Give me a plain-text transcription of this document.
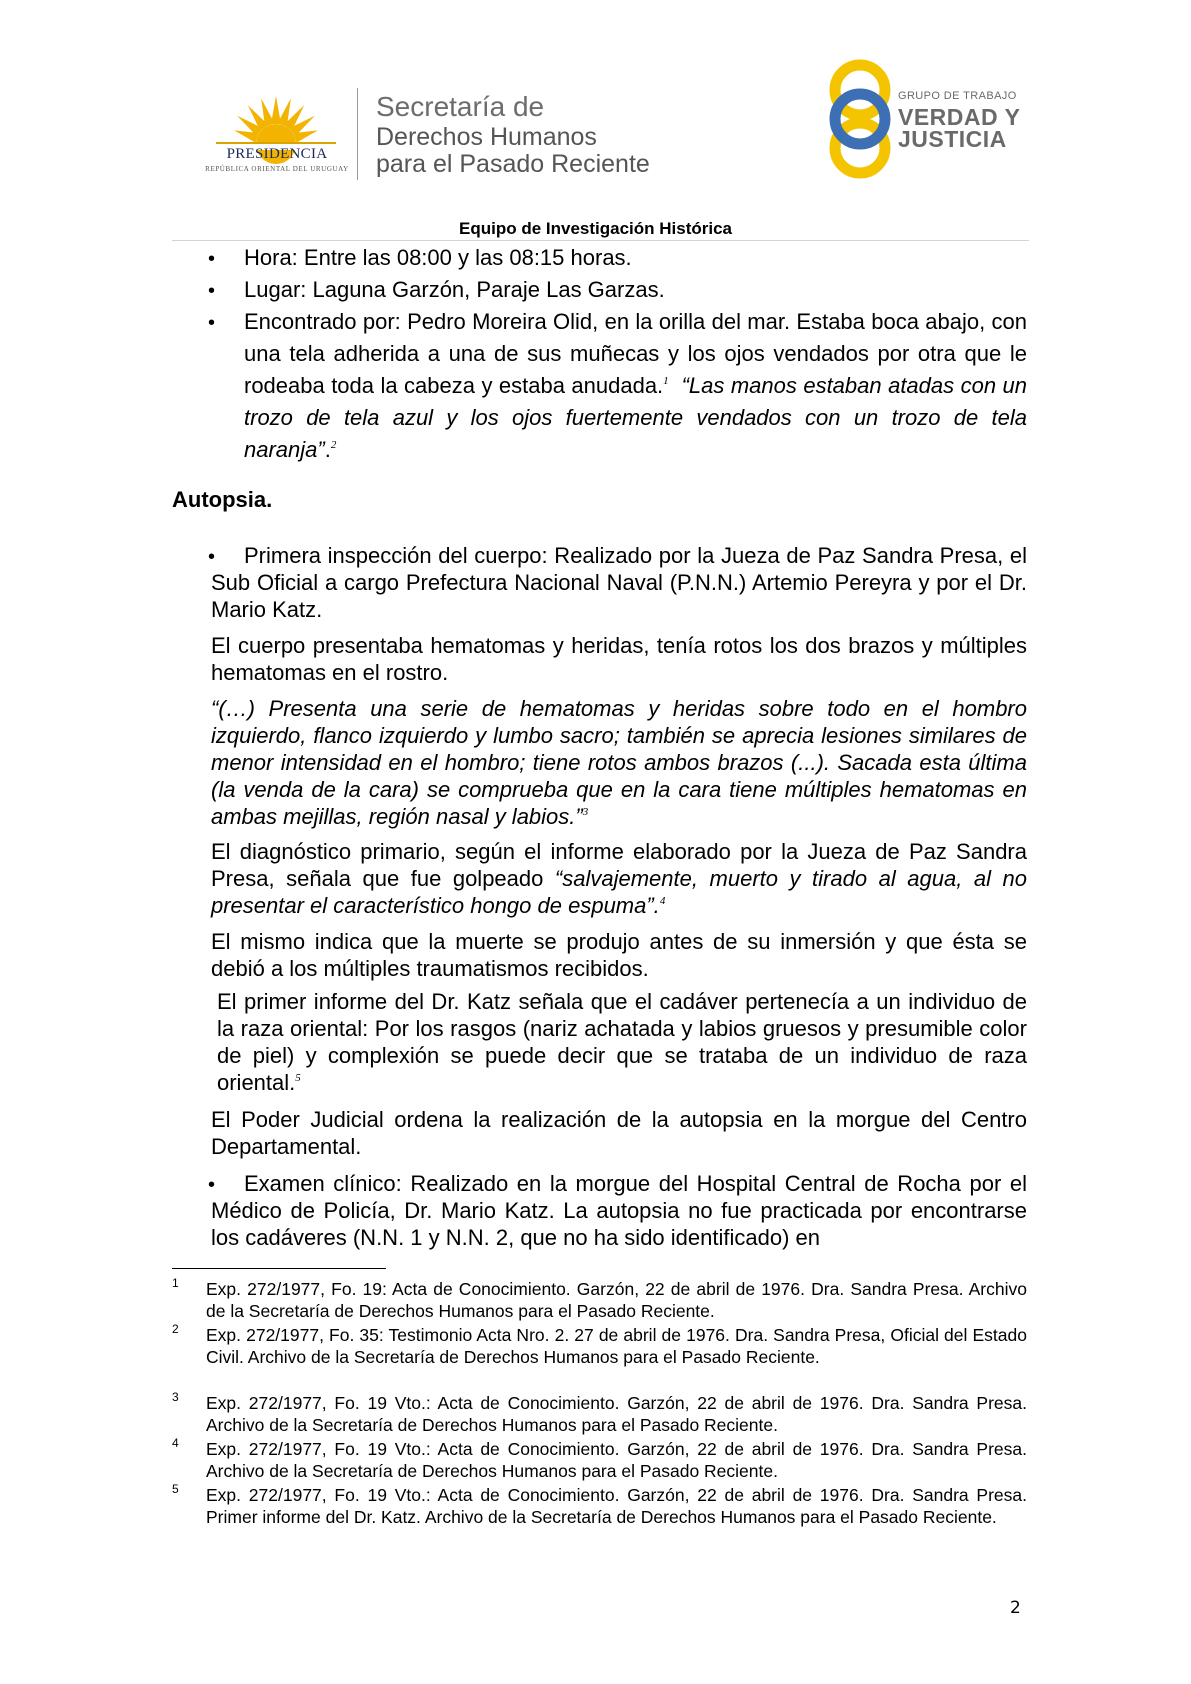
PRESIDENCIA
REPÚBLICA ORIENTAL DEL URUGUAY
Secretaría de
Derechos Humanos
para el Pasado Reciente
GRUPO DE TRABAJO
VERDAD Y
JUSTICIA
Equipo de Investigación Histórica
•
Hora: Entre las 08:00 y las 08:15 horas.
•
Lugar: Laguna Garzón, Paraje Las Garzas.
•
Encontrado por: Pedro Moreira Olid, en la orilla del mar. Estaba boca abajo, con una tela adherida a una de sus muñecas y los ojos vendados por otra que le rodeaba toda la cabeza y estaba anudada.$^1$ “Las manos estaban atadas con un trozo de tela azul y los ojos fuertemente vendados con un trozo de tela naranja”.$^2$
Autopsia.
•
Primera inspección del cuerpo: Realizado por la Jueza de Paz Sandra Presa, el Sub Oficial a cargo Prefectura Nacional Naval (P.N.N.) Artemio Pereyra y por el Dr. Mario Katz.
El cuerpo presentaba hematomas y heridas, tenía rotos los dos brazos y múltiples hematomas en el rostro.
“(…) Presenta una serie de hematomas y heridas sobre todo en el hombro izquierdo, flanco izquierdo y lumbo sacro; también se aprecia lesiones similares de menor intensidad en el hombro; tiene rotos ambos brazos (...). Sacada esta última (la venda de la cara) se comprueba que en la cara tiene múltiples hematomas en ambas mejillas, región nasal y labios.”$^3$
El diagnóstico primario, según el informe elaborado por la Jueza de Paz Sandra Presa, señala que fue golpeado “salvajemente, muerto y tirado al agua, al no presentar el característico hongo de espuma”.$^4$
El mismo indica que la muerte se produjo antes de su inmersión y que ésta se debió a los múltiples traumatismos recibidos.
El primer informe del Dr. Katz señala que el cadáver pertenecía a un individuo de la raza oriental: Por los rasgos (nariz achatada y labios gruesos y presumible color de piel) y complexión se puede decir que se trataba de un individuo de raza oriental.$^5$
El Poder Judicial ordena la realización de la autopsia en la morgue del Centro Departamental.
•
Examen clínico: Realizado en la morgue del Hospital Central de Rocha por el Médico de Policía, Dr. Mario Katz. La autopsia no fue practicada por encontrarse los cadáveres (N.N. 1 y N.N. 2, que no ha sido identificado) en
1 Exp. 272/1977, Fo. 19: Acta de Conocimiento. Garzón, 22 de abril de 1976. Dra. Sandra Presa. Archivo de la Secretaría de Derechos Humanos para el Pasado Reciente.
2 Exp. 272/1977, Fo. 35: Testimonio Acta Nro. 2. 27 de abril de 1976. Dra. Sandra Presa, Oficial del Estado Civil. Archivo de la Secretaría de Derechos Humanos para el Pasado Reciente.
3 Exp. 272/1977, Fo. 19 Vto.: Acta de Conocimiento. Garzón, 22 de abril de 1976. Dra. Sandra Presa. Archivo de la Secretaría de Derechos Humanos para el Pasado Reciente.
4 Exp. 272/1977, Fo. 19 Vto.: Acta de Conocimiento. Garzón, 22 de abril de 1976. Dra. Sandra Presa. Archivo de la Secretaría de Derechos Humanos para el Pasado Reciente.
5 Exp. 272/1977, Fo. 19 Vto.: Acta de Conocimiento. Garzón, 22 de abril de 1976. Dra. Sandra Presa. Primer informe del Dr. Katz. Archivo de la Secretaría de Derechos Humanos para el Pasado Reciente.
2
